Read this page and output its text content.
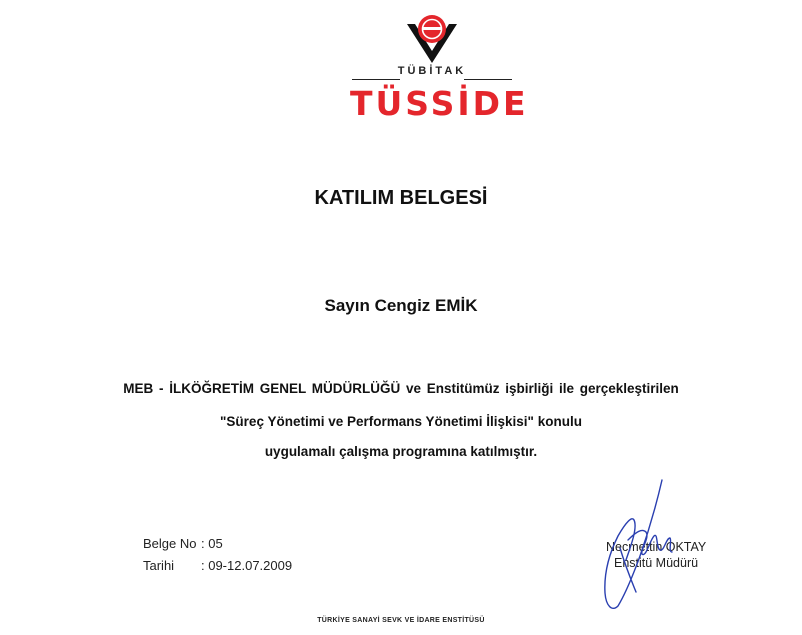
TÜBİTAK
TÜSSİDE
KATILIM BELGESİ
Sayın Cengiz EMİK
MEB - İLKÖĞRETİM GENEL MÜDÜRLÜĞÜ ve Enstitümüz işbirliği ile gerçekleştirilen
"Süreç Yönetimi ve Performans Yönetimi İlişkisi" konulu
uygulamalı çalışma programına katılmıştır.
Belge No : 05
Tarihi : 09-12.07.2009
Necmettin OKTAY
Enstitü Müdürü
TÜRKİYE SANAYİ SEVK VE İDARE ENSTİTÜSÜ
